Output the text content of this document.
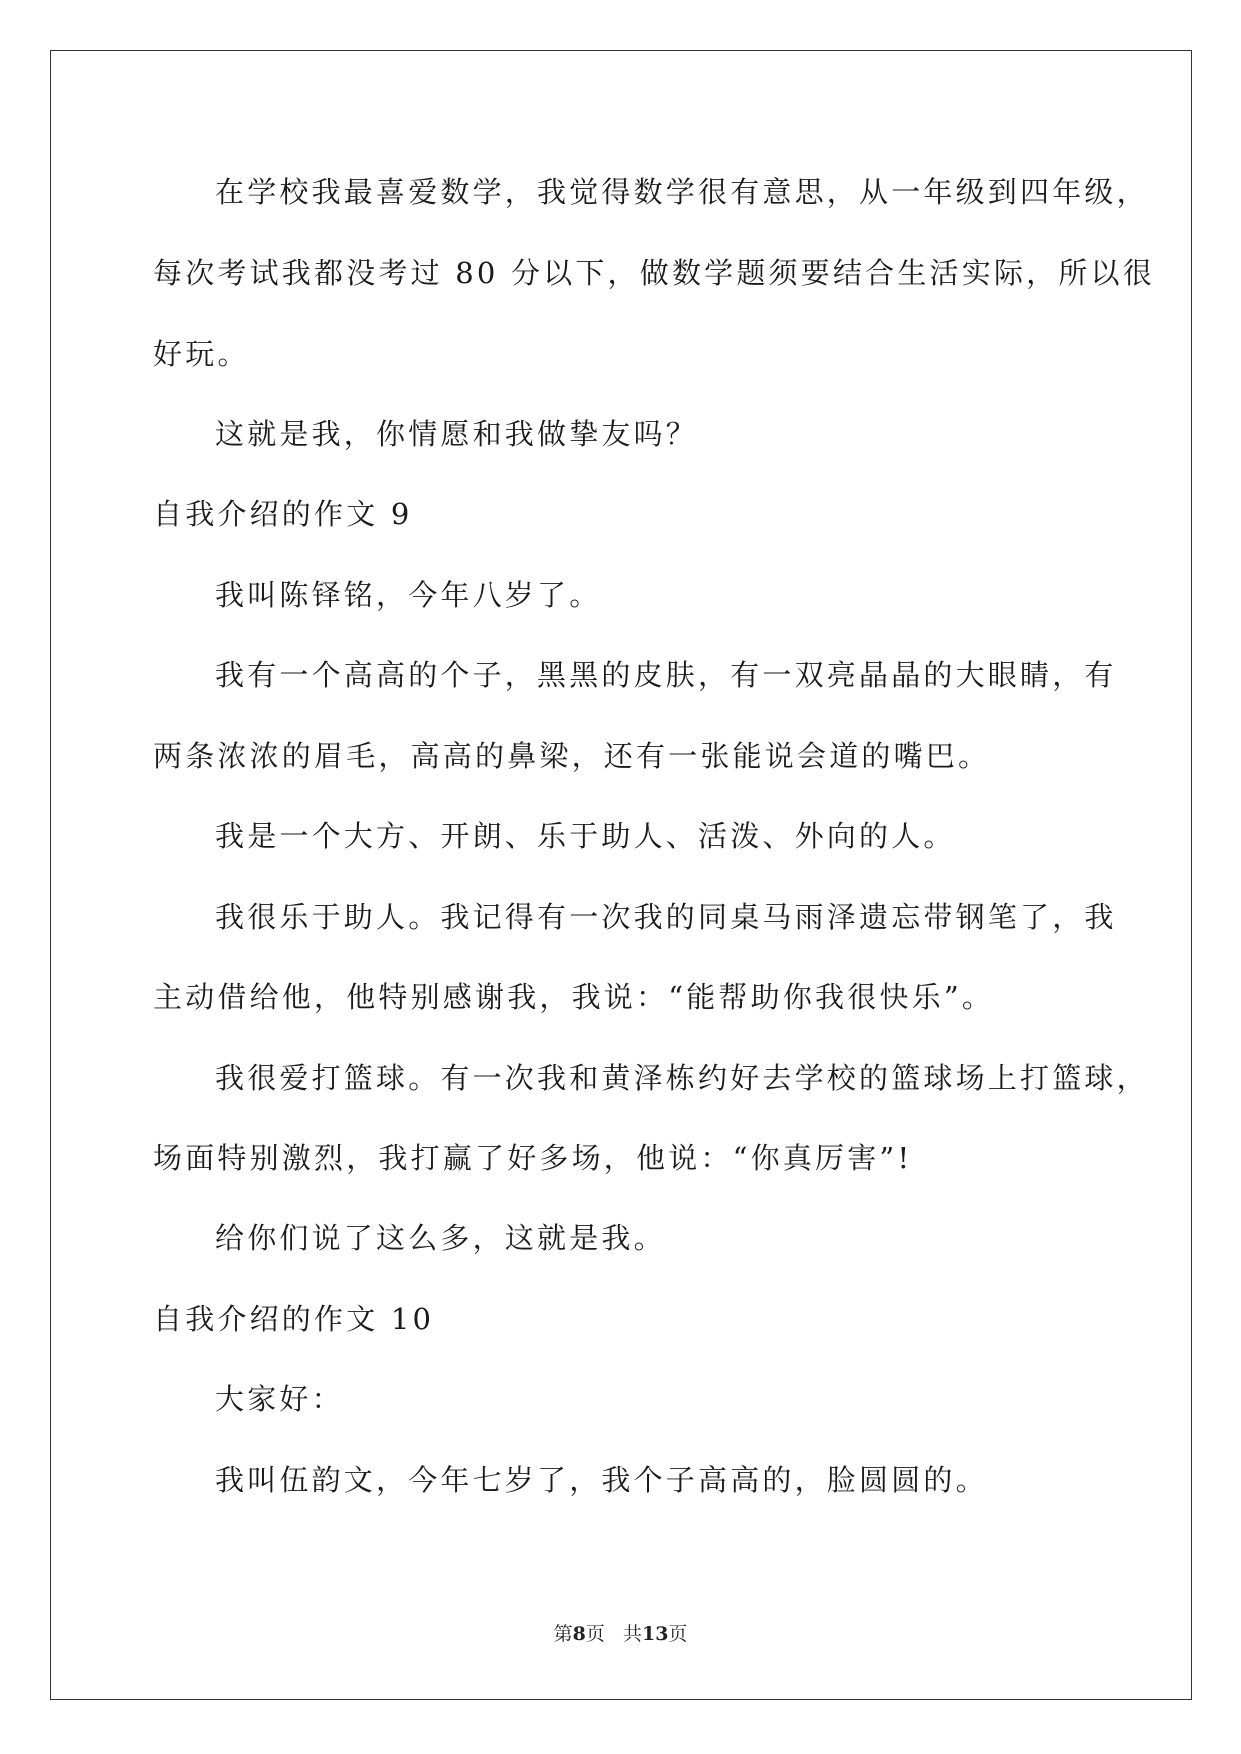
在学校我最喜爱数学，我觉得数学很有意思，从一年级到四年级，
每次考试我都没考过 80 分以下，做数学题须要结合生活实际，所以很
好玩。
这就是我，你情愿和我做挚友吗？
自我介绍的作文 9
我叫陈铎铭，今年八岁了。
我有一个高高的个子，黑黑的皮肤，有一双亮晶晶的大眼睛，有
两条浓浓的眉毛，高高的鼻梁，还有一张能说会道的嘴巴。
我是一个大方、开朗、乐于助人、活泼、外向的人。
我很乐于助人。我记得有一次我的同桌马雨泽遗忘带钢笔了，我
主动借给他，他特别感谢我，我说：“能帮助你我很快乐”。
我很爱打篮球。有一次我和黄泽栋约好去学校的篮球场上打篮球，
场面特别激烈，我打赢了好多场，他说：“你真厉害”!
给你们说了这么多，这就是我。
自我介绍的作文 10
大家好：
我叫伍韵文，今年七岁了，我个子高高的，脸圆圆的。
第8页 共13页
